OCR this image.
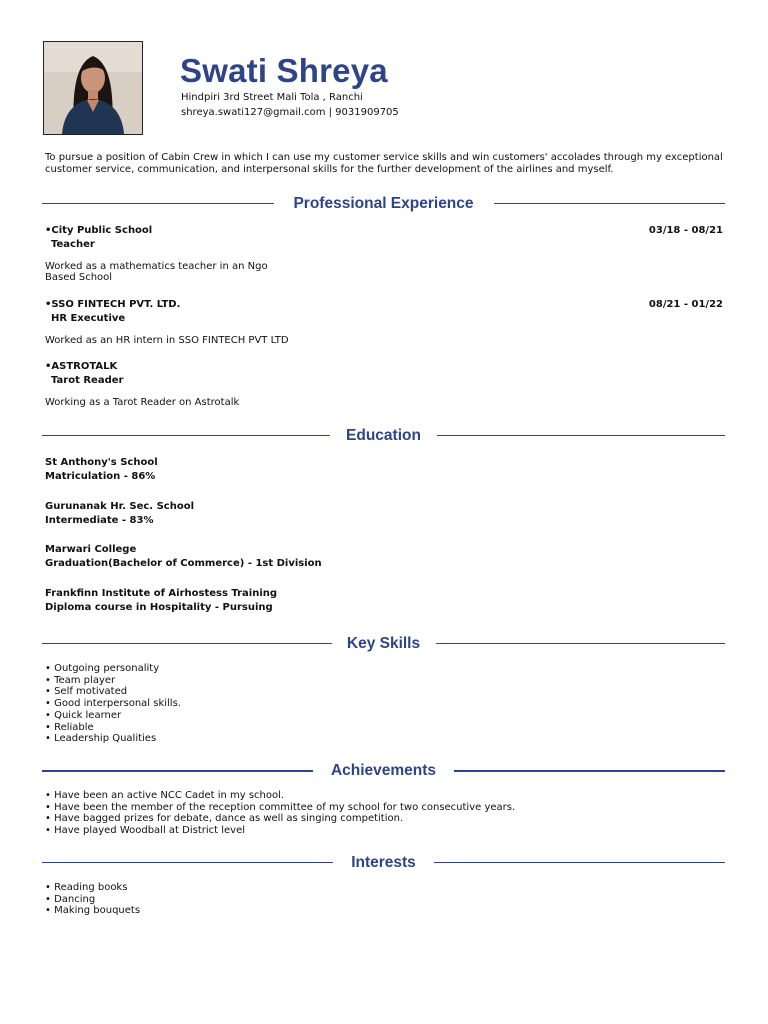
Swati Shreya
Hindpiri 3rd Street Mali Tola , Ranchi
shreya.swati127@gmail.com | 9031909705
To pursue a position of Cabin Crew in which I can use my customer service skills and win customers' accolades through my exceptional customer service, communication, and interpersonal skills for the further development of the airlines and myself.
Professional Experience
•City Public School	03/18 - 08/21
Teacher
Worked as a mathematics teacher in an Ngo
Based School
•SSO FINTECH PVT. LTD.	08/21 - 01/22
HR Executive
Worked as an HR intern in SSO FINTECH PVT LTD
•ASTROTALK
Tarot Reader
Working as a Tarot Reader on Astrotalk
Education
St Anthony's School
Matriculation - 86%
Gurunanak Hr. Sec. School
Intermediate - 83%
Marwari College
Graduation(Bachelor of Commerce) - 1st Division
Frankfinn Institute of Airhostess Training
Diploma course in Hospitality - Pursuing
Key Skills
• Outgoing personality
• Team player
• Self motivated
• Good interpersonal skills.
• Quick learner
• Reliable
• Leadership Qualities
Achievements
• Have been an active NCC Cadet in my school.
• Have been the member of the reception committee of my school for two consecutive years.
• Have bagged prizes for debate, dance as well as singing competition.
• Have played Woodball at District level
Interests
• Reading books
• Dancing
• Making bouquets
